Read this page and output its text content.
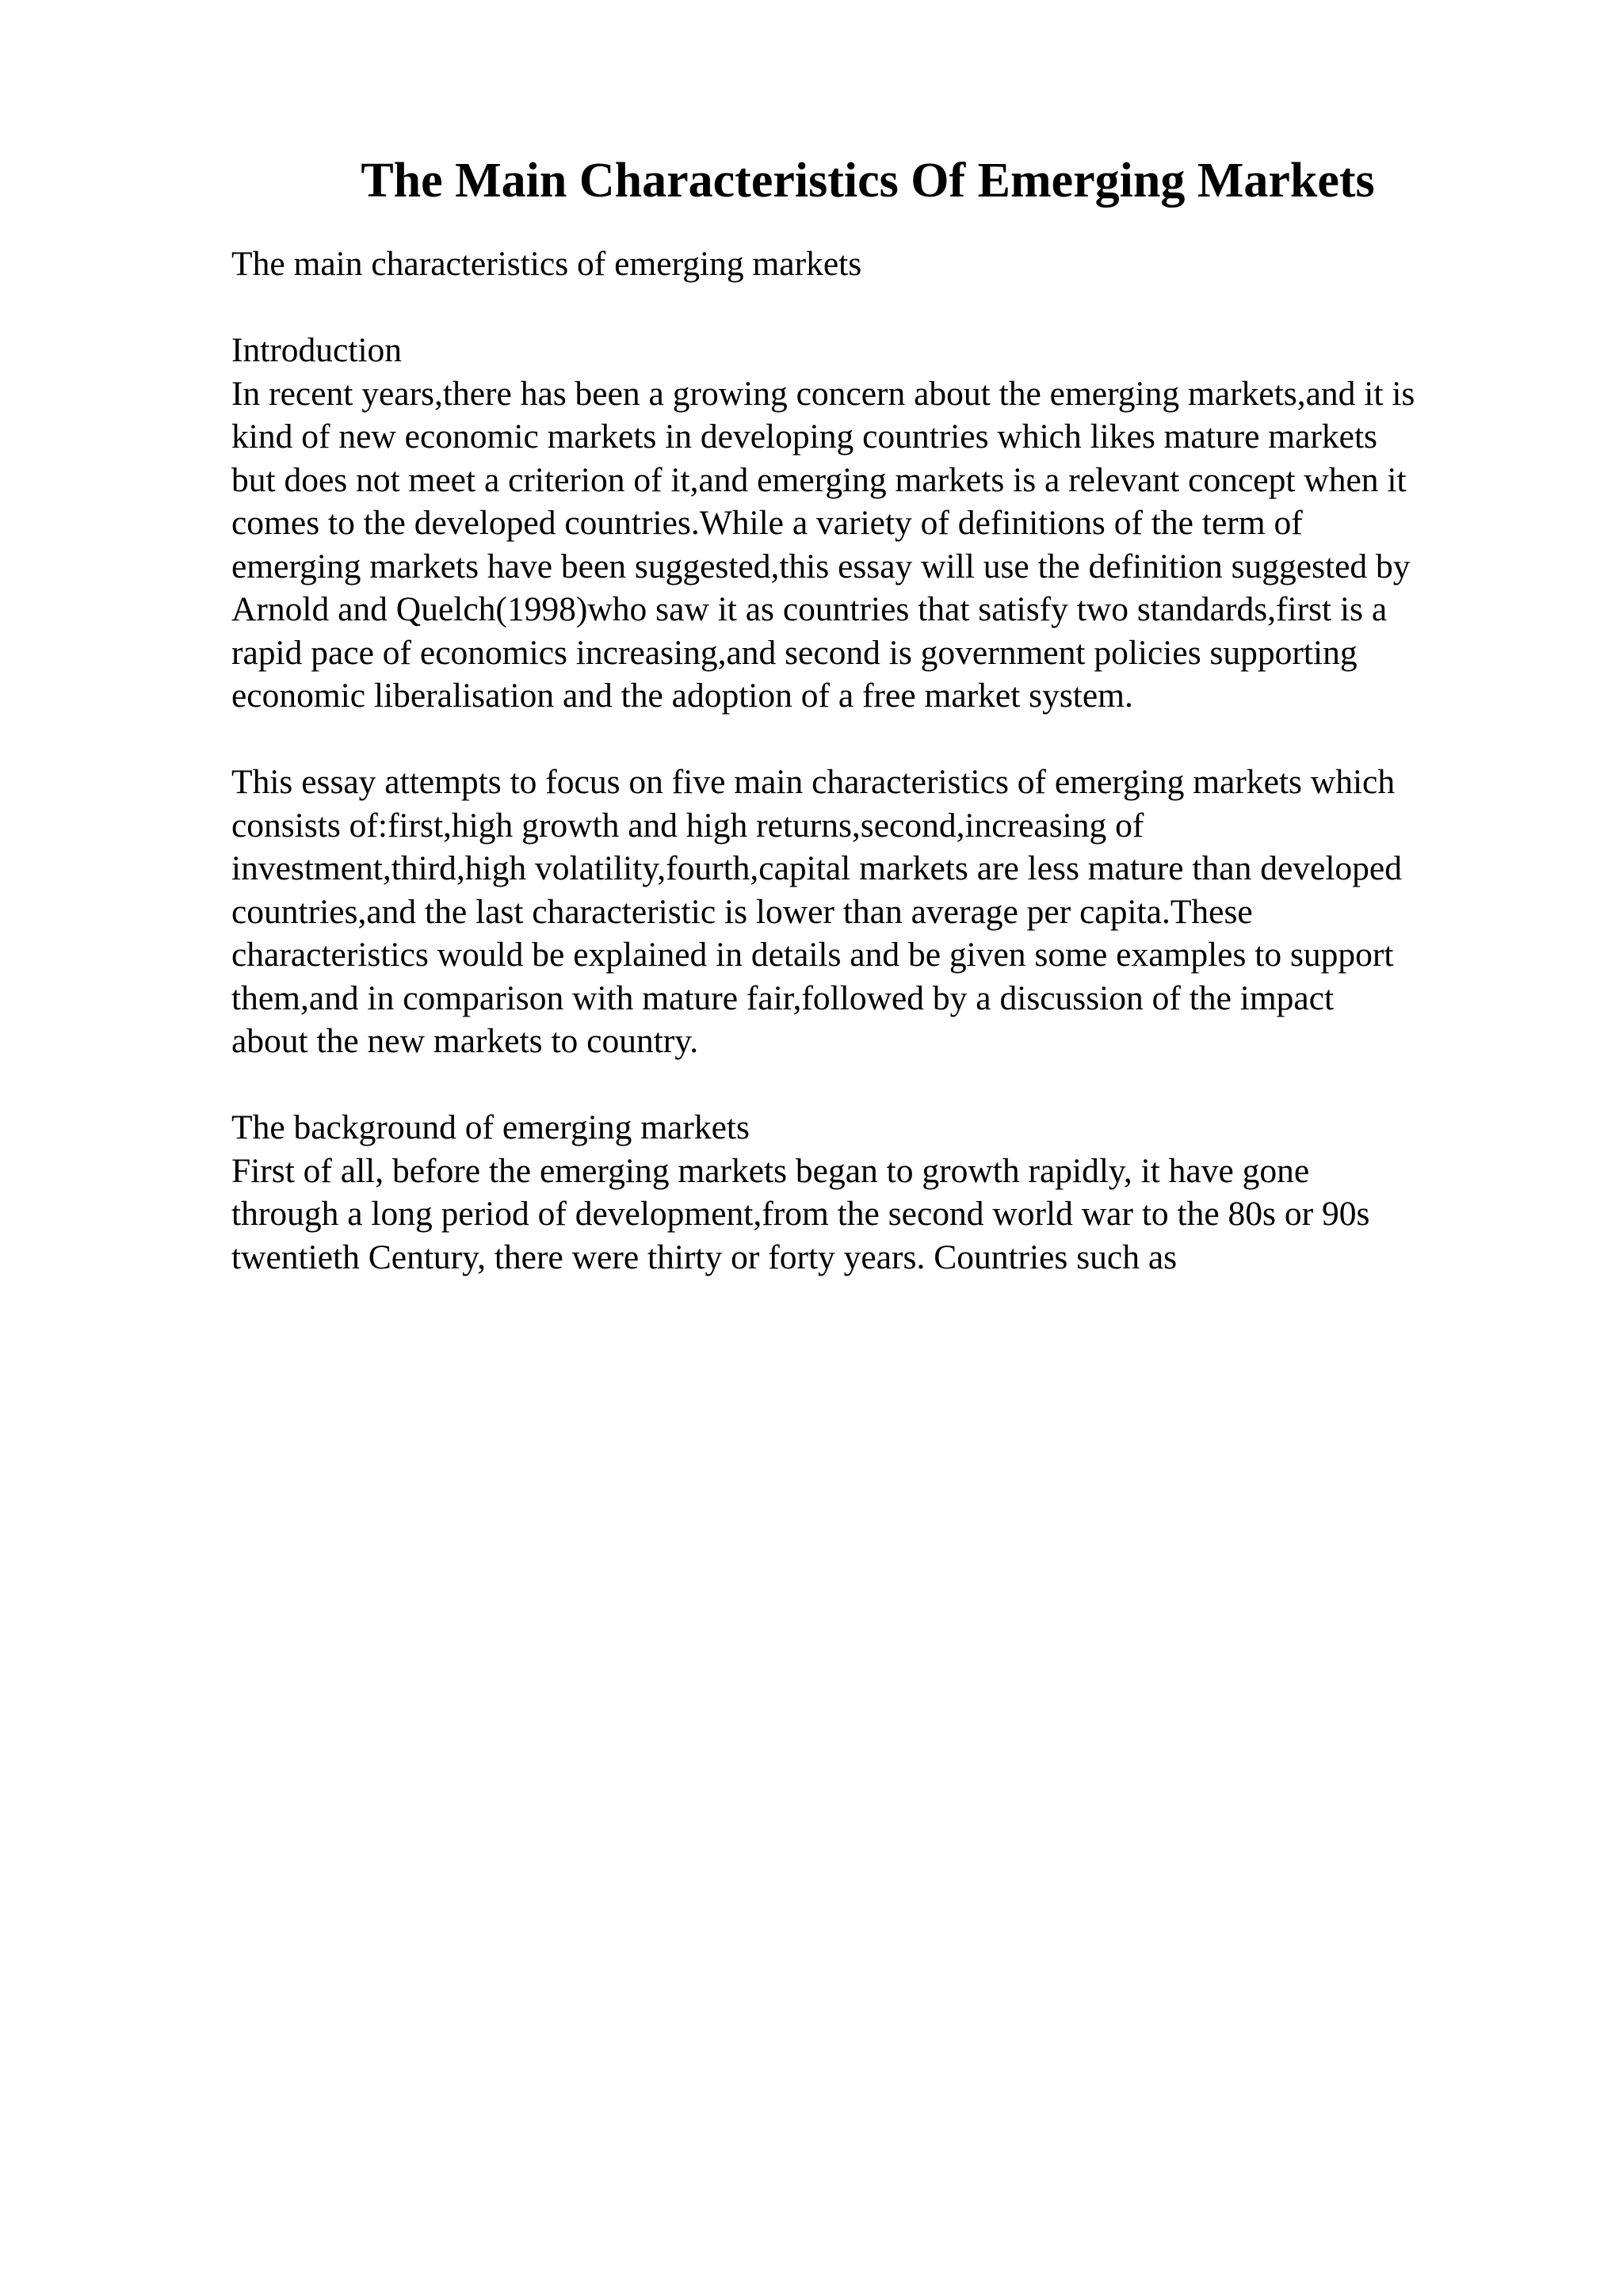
The Main Characteristics Of Emerging Markets
The main characteristics of emerging markets
Introduction
In recent years,there has been a growing concern about the emerging markets,and it is
kind of new economic markets in developing countries which likes mature markets
but does not meet a criterion of it,and emerging markets is a relevant concept when it
comes to the developed countries.While a variety of definitions of the term of
emerging markets have been suggested,this essay will use the definition suggested by
Arnold and Quelch(1998)who saw it as countries that satisfy two standards,first is a
rapid pace of economics increasing,and second is government policies supporting
economic liberalisation and the adoption of a free market system.
This essay attempts to focus on five main characteristics of emerging markets which
consists of:first,high growth and high returns,second,increasing of
investment,third,high volatility,fourth,capital markets are less mature than developed
countries,and the last characteristic is lower than average per capita.These
characteristics would be explained in details and be given some examples to support
them,and in comparison with mature fair,followed by a discussion of the impact
about the new markets to country.
The background of emerging markets
First of all, before the emerging markets began to growth rapidly, it have gone
through a long period of development,from the second world war to the 80s or 90s
twentieth Century, there were thirty or forty years. Countries such as
